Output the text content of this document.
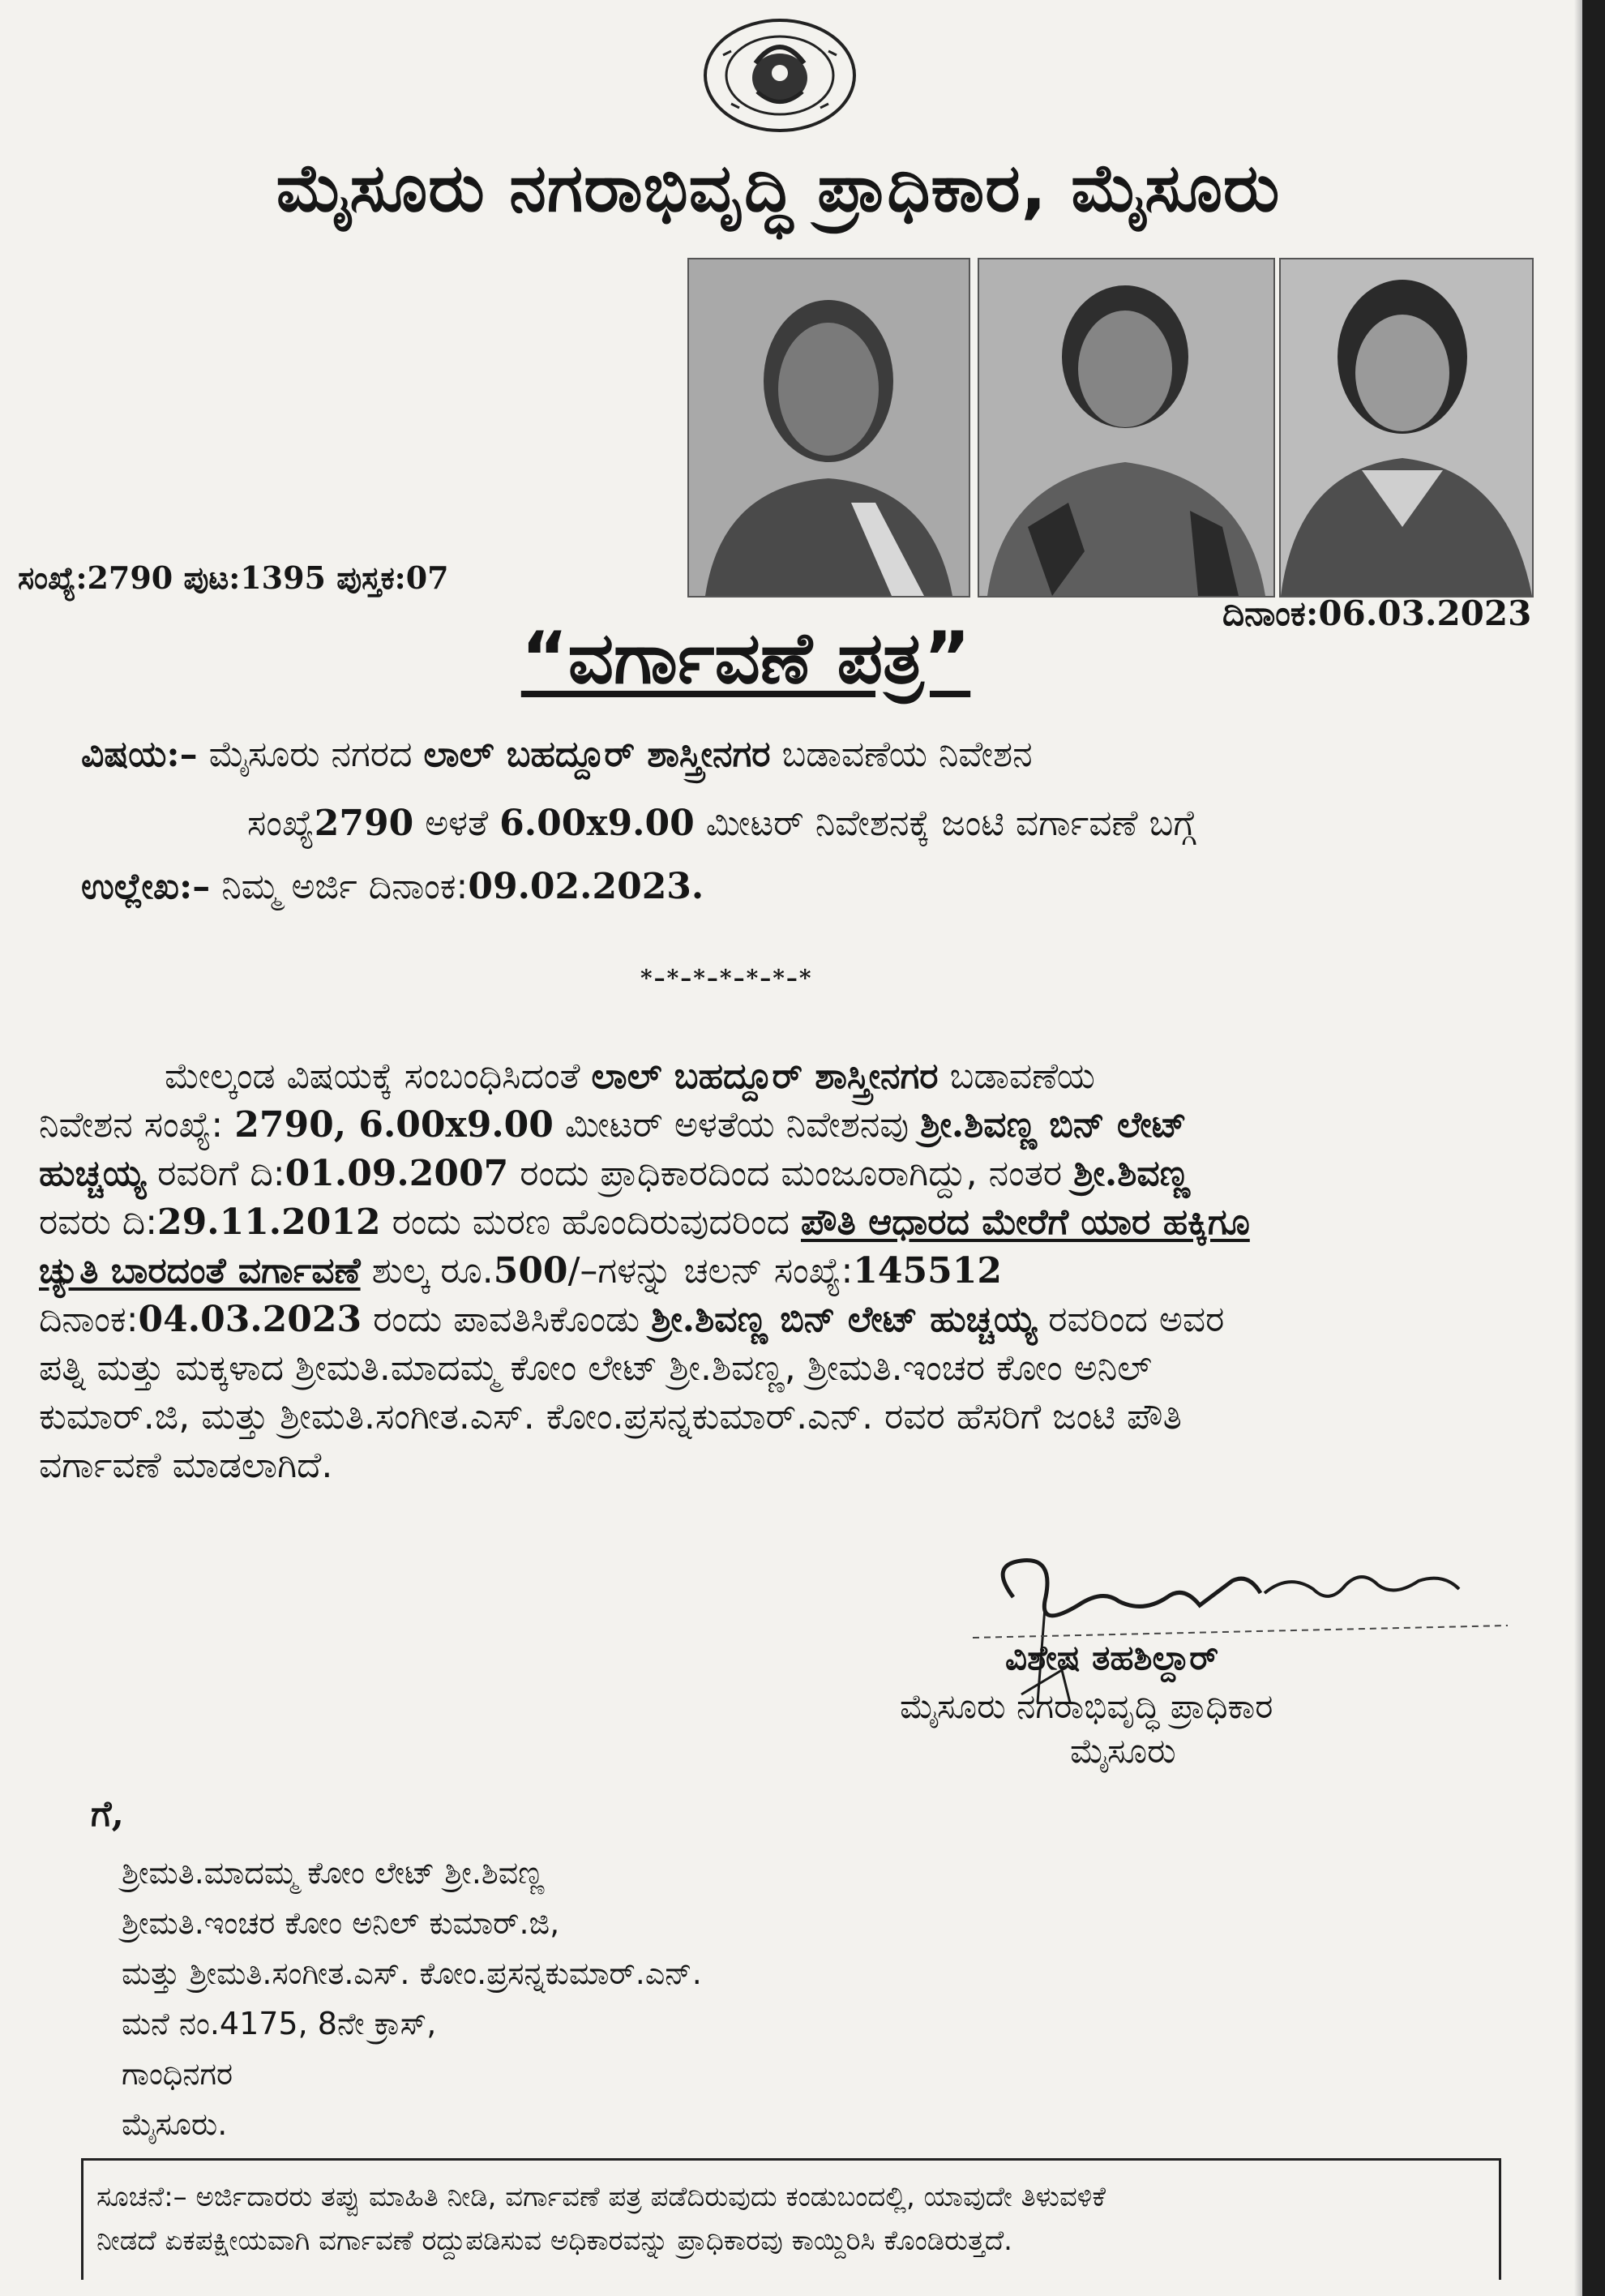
ಮೈಸೂರು ನಗರಾಭಿವೃದ್ಧಿ ಪ್ರಾಧಿಕಾರ, ಮೈಸೂರು
ಸಂಖ್ಯೆ:2790 ಪುಟ:1395 ಪುಸ್ತಕ:07
ದಿನಾಂಕ:06.03.2023
“ವರ್ಗಾವಣೆ ಪತ್ರ”
ವಿಷಯ:– ಮೈಸೂರು ನಗರದ ಲಾಲ್ ಬಹದ್ದೂರ್ ಶಾಸ್ತ್ರೀನಗರ ಬಡಾವಣೆಯ ನಿವೇಶನ
ಸಂಖ್ಯೆ2790 ಅಳತೆ 6.00x9.00 ಮೀಟರ್ ನಿವೇಶನಕ್ಕೆ ಜಂಟಿ ವರ್ಗಾವಣೆ ಬಗ್ಗೆ
ಉಲ್ಲೇಖ:– ನಿಮ್ಮ ಅರ್ಜಿ ದಿನಾಂಕ:09.02.2023.
*–*–*–*–*–*–*
ಮೇಲ್ಕಂಡ ವಿಷಯಕ್ಕೆ ಸಂಬಂಧಿಸಿದಂತೆ ಲಾಲ್ ಬಹದ್ದೂರ್ ಶಾಸ್ತ್ರೀನಗರ ಬಡಾವಣೆಯ
ನಿವೇಶನ ಸಂಖ್ಯೆ: 2790, 6.00x9.00 ಮೀಟರ್ ಅಳತೆಯ ನಿವೇಶನವು ಶ್ರೀ.ಶಿವಣ್ಣ ಬಿನ್ ಲೇಟ್
ಹುಚ್ಚಯ್ಯ ರವರಿಗೆ ದಿ:01.09.2007 ರಂದು ಪ್ರಾಧಿಕಾರದಿಂದ ಮಂಜೂರಾಗಿದ್ದು, ನಂತರ ಶ್ರೀ.ಶಿವಣ್ಣ
ರವರು ದಿ:29.11.2012 ರಂದು ಮರಣ ಹೊಂದಿರುವುದರಿಂದ ಪೌತಿ ಆಧಾರದ ಮೇರೆಗೆ ಯಾರ ಹಕ್ಕಿಗೂ
ಚ್ಯುತಿ ಬಾರದಂತೆ ವರ್ಗಾವಣೆ ಶುಲ್ಕ ರೂ.500/–ಗಳನ್ನು ಚಲನ್ ಸಂಖ್ಯೆ:145512
ದಿನಾಂಕ:04.03.2023 ರಂದು ಪಾವತಿಸಿಕೊಂಡು ಶ್ರೀ.ಶಿವಣ್ಣ ಬಿನ್ ಲೇಟ್ ಹುಚ್ಚಯ್ಯ ರವರಿಂದ ಅವರ
ಪತ್ನಿ ಮತ್ತು ಮಕ್ಕಳಾದ ಶ್ರೀಮತಿ.ಮಾದಮ್ಮ ಕೋಂ ಲೇಟ್ ಶ್ರೀ.ಶಿವಣ್ಣ, ಶ್ರೀಮತಿ.ಇಂಚರ ಕೋಂ ಅನಿಲ್
ಕುಮಾರ್.ಜಿ, ಮತ್ತು ಶ್ರೀಮತಿ.ಸಂಗೀತ.ಎಸ್. ಕೋಂ.ಪ್ರಸನ್ನಕುಮಾರ್.ಎನ್. ರವರ ಹೆಸರಿಗೆ ಜಂಟಿ ಪೌತಿ
ವರ್ಗಾವಣೆ ಮಾಡಲಾಗಿದೆ.
ವಿಶೇಷ ತಹಶಿಲ್ದಾರ್
ಮೈಸೂರು ನಗರಾಭಿವೃದ್ಧಿ ಪ್ರಾಧಿಕಾರ
ಮೈಸೂರು
ಗೆ,
ಶ್ರೀಮತಿ.ಮಾದಮ್ಮ ಕೋಂ ಲೇಟ್ ಶ್ರೀ.ಶಿವಣ್ಣ
ಶ್ರೀಮತಿ.ಇಂಚರ ಕೋಂ ಅನಿಲ್ ಕುಮಾರ್.ಜಿ,
ಮತ್ತು ಶ್ರೀಮತಿ.ಸಂಗೀತ.ಎಸ್. ಕೋಂ.ಪ್ರಸನ್ನಕುಮಾರ್.ಎನ್.
ಮನೆ ನಂ.4175, 8ನೇ ಕ್ರಾಸ್,
ಗಾಂಧಿನಗರ
ಮೈಸೂರು.
ಸೂಚನೆ:– ಅರ್ಜಿದಾರರು ತಪ್ಪು ಮಾಹಿತಿ ನೀಡಿ, ವರ್ಗಾವಣೆ ಪತ್ರ ಪಡೆದಿರುವುದು ಕಂಡುಬಂದಲ್ಲಿ, ಯಾವುದೇ ತಿಳುವಳಿಕೆ
ನೀಡದೆ ಏಕಪಕ್ಷೀಯವಾಗಿ ವರ್ಗಾವಣೆ ರದ್ದುಪಡಿಸುವ ಅಧಿಕಾರವನ್ನು ಪ್ರಾಧಿಕಾರವು ಕಾಯ್ದಿರಿಸಿ ಕೊಂಡಿರುತ್ತದೆ.
